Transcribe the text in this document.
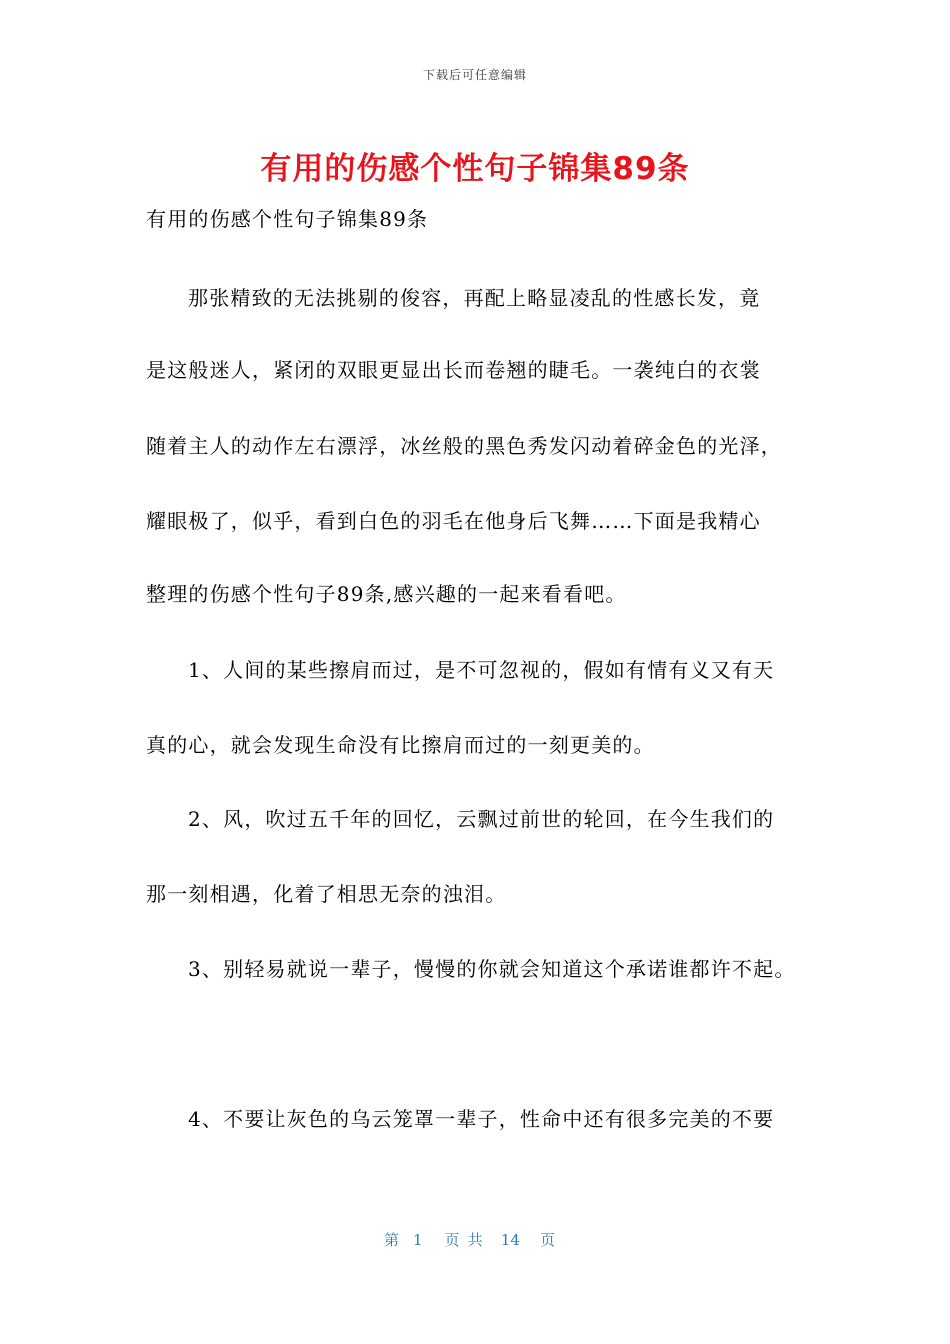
下载后可任意编辑
有用的伤感个性句子锦集89条
有用的伤感个性句子锦集89条
那张精致的无法挑剔的俊容，再配上略显凌乱的性感长发，竟
是这般迷人，紧闭的双眼更显出长而卷翘的睫毛。一袭纯白的衣裳
随着主人的动作左右漂浮，冰丝般的黑色秀发闪动着碎金色的光泽，
耀眼极了，似乎，看到白色的羽毛在他身后飞舞……下面是我精心
整理的伤感个性句子89条,感兴趣的一起来看看吧。
1、人间的某些擦肩而过，是不可忽视的，假如有情有义又有天
真的心，就会发现生命没有比擦肩而过的一刻更美的。
2、风，吹过五千年的回忆，云飘过前世的轮回，在今生我们的
那一刻相遇，化着了相思无奈的浊泪。
3、别轻易就说一辈子，慢慢的你就会知道这个承诺谁都许不起。
4、不要让灰色的乌云笼罩一辈子，性命中还有很多完美的不要
第 1 页共 14 页
